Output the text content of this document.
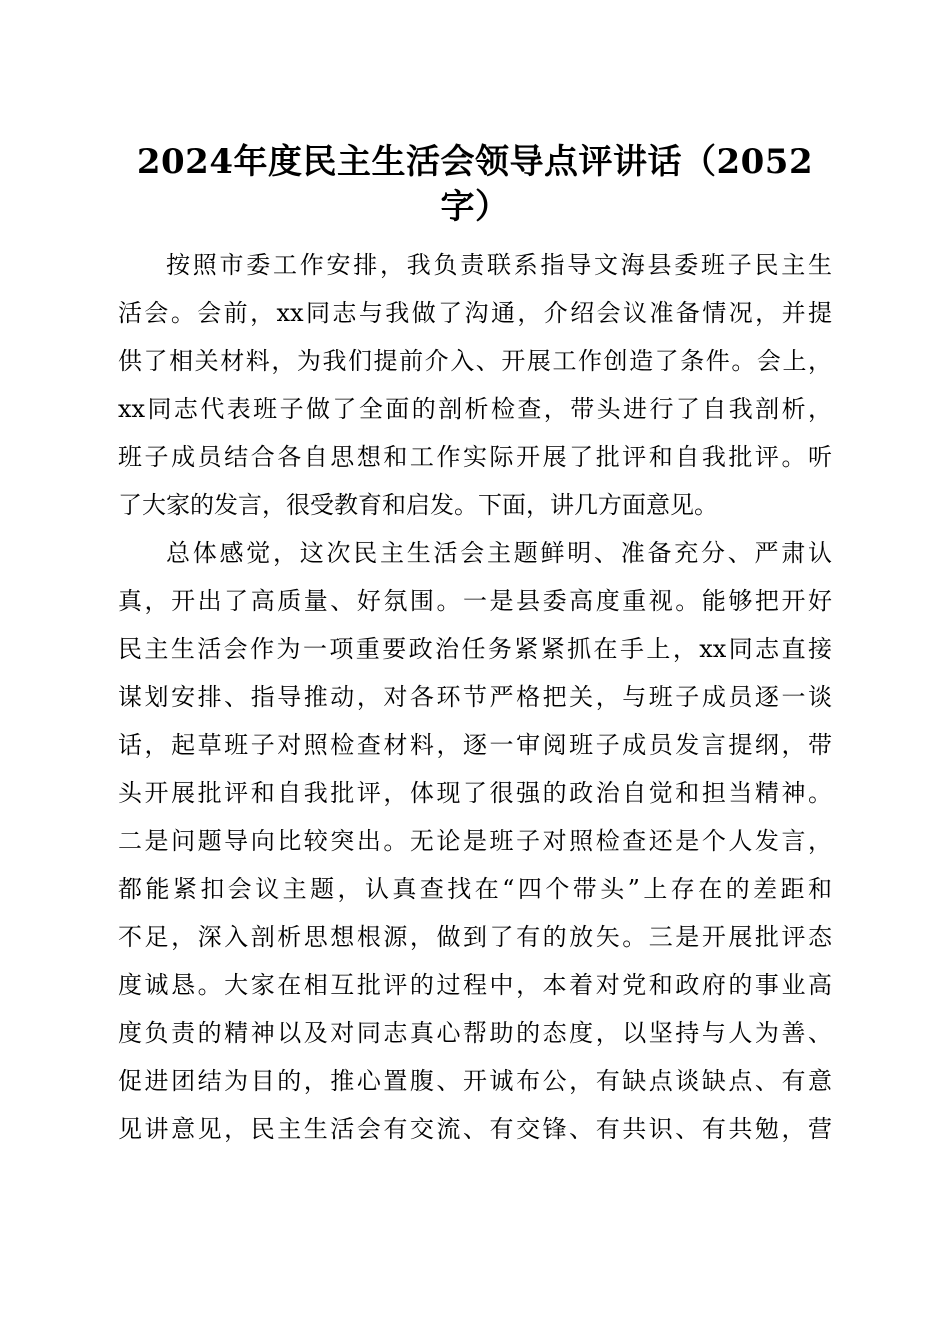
2024年度民主生活会领导点评讲话（2052
字）
按照市委工作安排，我负责联系指导文海县委班子民主生
活会。会前，xx同志与我做了沟通，介绍会议准备情况，并提
供了相关材料，为我们提前介入、开展工作创造了条件。会上，
xx同志代表班子做了全面的剖析检查，带头进行了自我剖析，
班子成员结合各自思想和工作实际开展了批评和自我批评。听
了大家的发言，很受教育和启发。下面，讲几方面意见。
总体感觉，这次民主生活会主题鲜明、准备充分、严肃认
真，开出了高质量、好氛围。一是县委高度重视。能够把开好
民主生活会作为一项重要政治任务紧紧抓在手上，xx同志直接
谋划安排、指导推动，对各环节严格把关，与班子成员逐一谈
话，起草班子对照检查材料，逐一审阅班子成员发言提纲，带
头开展批评和自我批评，体现了很强的政治自觉和担当精神。
二是问题导向比较突出。无论是班子对照检查还是个人发言，
都能紧扣会议主题，认真查找在“四个带头”上存在的差距和
不足，深入剖析思想根源，做到了有的放矢。三是开展批评态
度诚恳。大家在相互批评的过程中，本着对党和政府的事业高
度负责的精神以及对同志真心帮助的态度，以坚持与人为善、
促进团结为目的，推心置腹、开诚布公，有缺点谈缺点、有意
见讲意见，民主生活会有交流、有交锋、有共识、有共勉，营
